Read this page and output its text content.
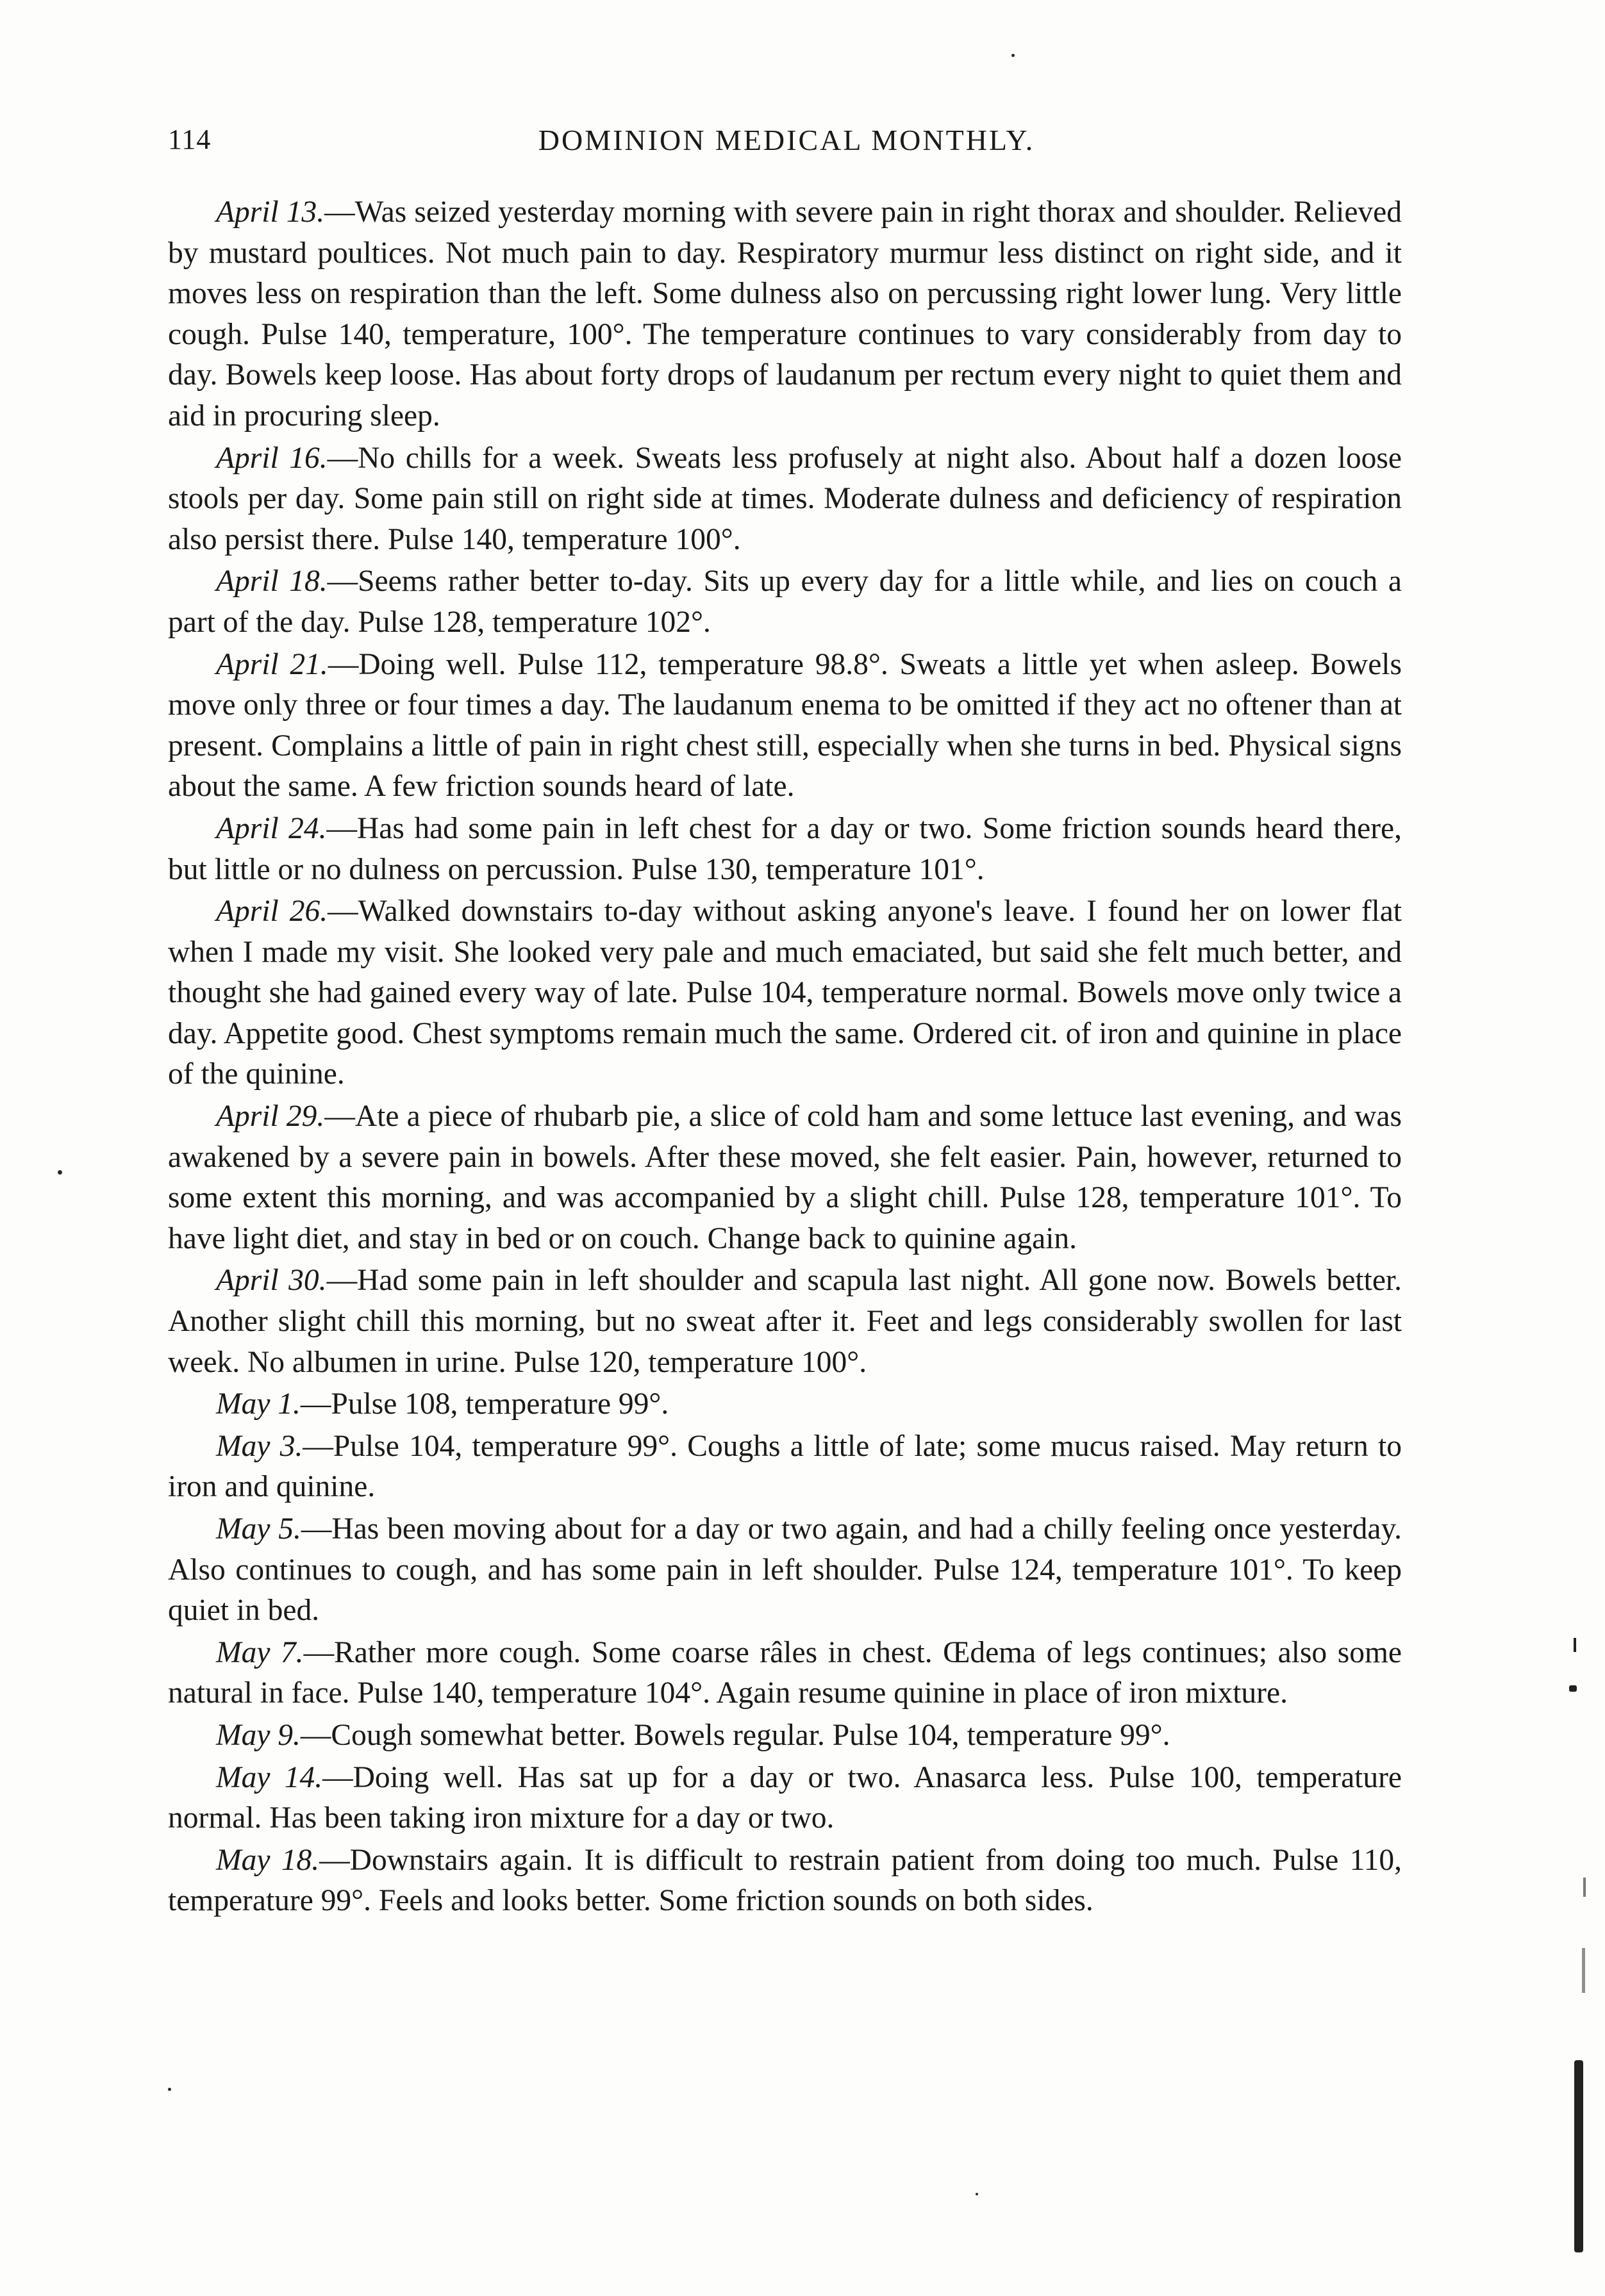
114	DOMINION MEDICAL MONTHLY.

April 13.—Was seized yesterday morning with severe pain in right thorax and shoulder. Relieved by mustard poultices. Not much pain to day. Respiratory murmur less distinct on right side, and it moves less on respiration than the left. Some dulness also on percussing right lower lung. Very little cough. Pulse 140, temperature, 100°. The temperature continues to vary considerably from day to day. Bowels keep loose. Has about forty drops of laudanum per rectum every night to quiet them and aid in procuring sleep.

April 16.—No chills for a week. Sweats less profusely at night also. About half a dozen loose stools per day. Some pain still on right side at times. Moderate dulness and deficiency of respiration also persist there. Pulse 140, temperature 100°.

April 18.—Seems rather better to-day. Sits up every day for a little while, and lies on couch a part of the day. Pulse 128, temperature 102°.

April 21.—Doing well. Pulse 112, temperature 98.8°. Sweats a little yet when asleep. Bowels move only three or four times a day. The laudanum enema to be omitted if they act no oftener than at present. Complains a little of pain in right chest still, especially when she turns in bed. Physical signs about the same. A few friction sounds heard of late.

April 24.—Has had some pain in left chest for a day or two. Some friction sounds heard there, but little or no dulness on percussion. Pulse 130, temperature 101°.

April 26.—Walked downstairs to-day without asking anyone's leave. I found her on lower flat when I made my visit. She looked very pale and much emaciated, but said she felt much better, and thought she had gained every way of late. Pulse 104, temperature normal. Bowels move only twice a day. Appetite good. Chest symptoms remain much the same. Ordered cit. of iron and quinine in place of the quinine.

April 29.—Ate a piece of rhubarb pie, a slice of cold ham and some lettuce last evening, and was awakened by a severe pain in bowels. After these moved, she felt easier. Pain, however, returned to some extent this morning, and was accompanied by a slight chill. Pulse 128, temperature 101°. To have light diet, and stay in bed or on couch. Change back to quinine again.

April 30.—Had some pain in left shoulder and scapula last night. All gone now. Bowels better. Another slight chill this morning, but no sweat after it. Feet and legs considerably swollen for last week. No albumen in urine. Pulse 120, temperature 100°.

May 1.—Pulse 108, temperature 99°.

May 3.—Pulse 104, temperature 99°. Coughs a little of late; some mucus raised. May return to iron and quinine.

May 5.—Has been moving about for a day or two again, and had a chilly feeling once yesterday. Also continues to cough, and has some pain in left shoulder. Pulse 124, temperature 101°. To keep quiet in bed.

May 7.—Rather more cough. Some coarse râles in chest. Œdema of legs continues; also some natural in face. Pulse 140, temperature 104°. Again resume quinine in place of iron mixture.

May 9.—Cough somewhat better. Bowels regular. Pulse 104, temperature 99°.

May 14.—Doing well. Has sat up for a day or two. Anasarca less. Pulse 100, temperature normal. Has been taking iron mixture for a day or two.

May 18.—Downstairs again. It is difficult to restrain patient from doing too much. Pulse 110, temperature 99°. Feels and looks better. Some friction sounds on both sides.
